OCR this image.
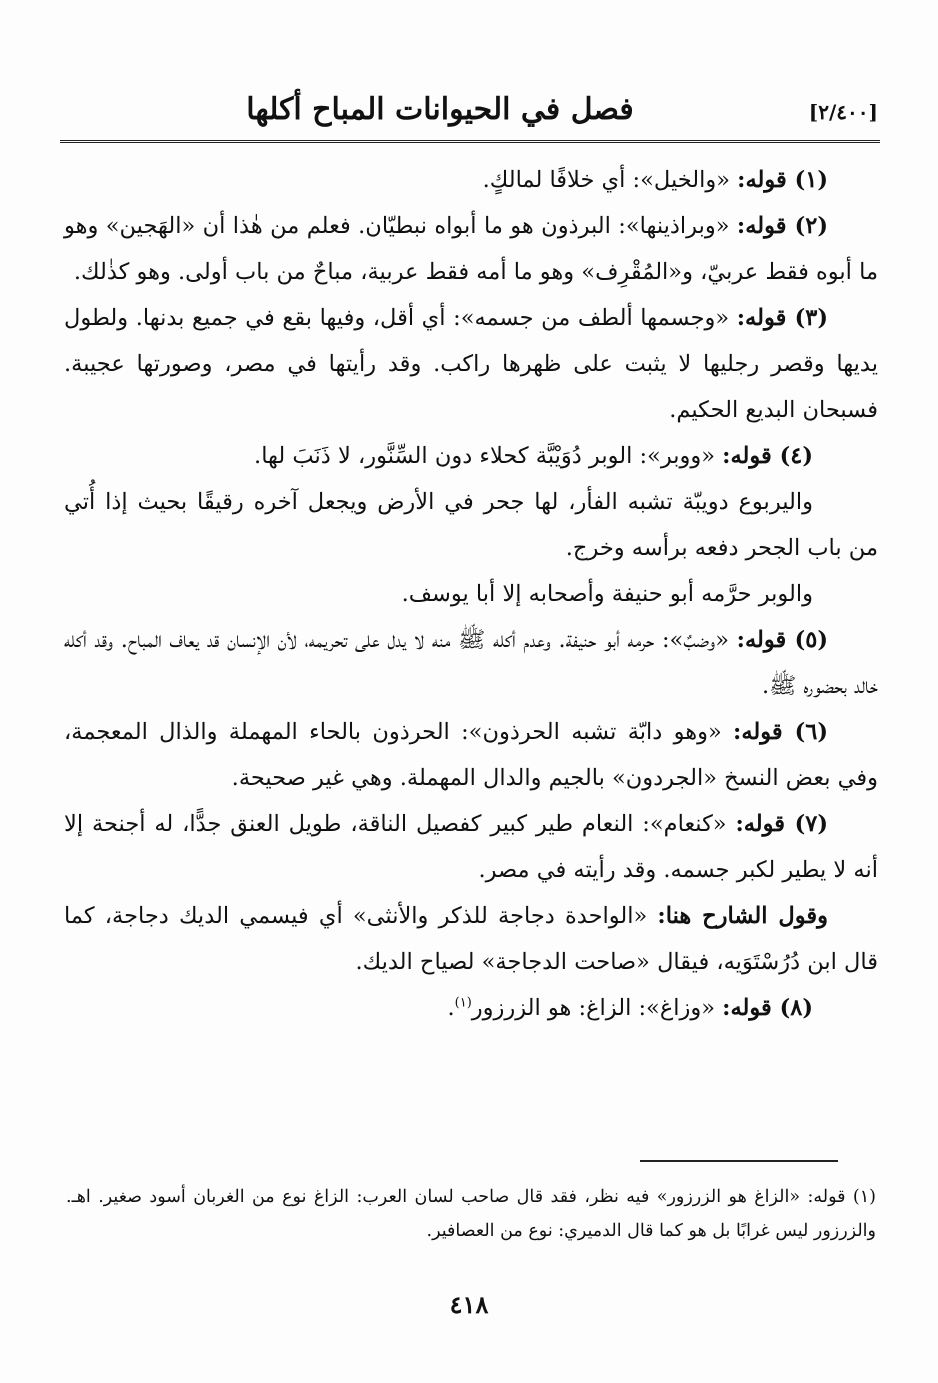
[٢/٤٠٠]
فصل في الحيوانات المباح أكلها

(١) قوله: «والخيل»: أي خلافًا لمالكٍ.

(٢) قوله: «وبراذينها»: البرذون هو ما أبواه نبطيّان. فعلم من هٰذا أن «الهَجين» وهو ما أبوه فقط عربيّ، و«المُقْرِف» وهو ما أمه فقط عربية، مباحٌ من باب أولى. وهو كذٰلك.

(٣) قوله: «وجسمها ألطف من جسمه»: أي أقل، وفيها بقع في جميع بدنها. ولطول يديها وقصر رجليها لا يثبت على ظهرها راكب. وقد رأيتها في مصر، وصورتها عجيبة. فسبحان البديع الحكيم.

(٤) قوله: «ووبر»: الوبر دُوَيْبَّة كحلاء دون السِّنَّور، لا ذَنَبَ لها.

واليربوع دويبّة تشبه الفأر، لها جحر في الأرض ويجعل آخره رقيقًا بحيث إذا أُتي من باب الجحر دفعه برأسه وخرج.

والوبر حرَّمه أبو حنيفة وأصحابه إلا أبا يوسف.

(٥) قوله: «وضبٌ»: حرمه أبو حنيفة. وعدم أكله ﷺ منه لا يدل على تحريمه، لأن الإنسان قد يعاف المباح. وقد أكله خالد بحضوره ﷺ.

(٦) قوله: «وهو دابّة تشبه الحرذون»: الحرذون بالحاء المهملة والذال المعجمة، وفي بعض النسخ «الجردون» بالجيم والدال المهملة. وهي غير صحيحة.

(٧) قوله: «كنعام»: النعام طير كبير كفصيل الناقة، طويل العنق جدًّا، له أجنحة إلا أنه لا يطير لكبر جسمه. وقد رأيته في مصر.

وقول الشارح هنا: «الواحدة دجاجة للذكر والأنثى» أي فيسمي الديك دجاجة، كما قال ابن دُرُسْتَوَيه، فيقال «صاحت الدجاجة» لصياح الديك.

(٨) قوله: «وزاغ»: الزاغ: هو الزرزور$^{(١)}$.

(١) قوله: «الزاغ هو الزرزور» فيه نظر، فقد قال صاحب لسان العرب: الزاغ نوع من الغربان أسود صغير. اهـ. والزرزور ليس غرابًا بل هو كما قال الدميري: نوع من العصافير.

٤١٨
